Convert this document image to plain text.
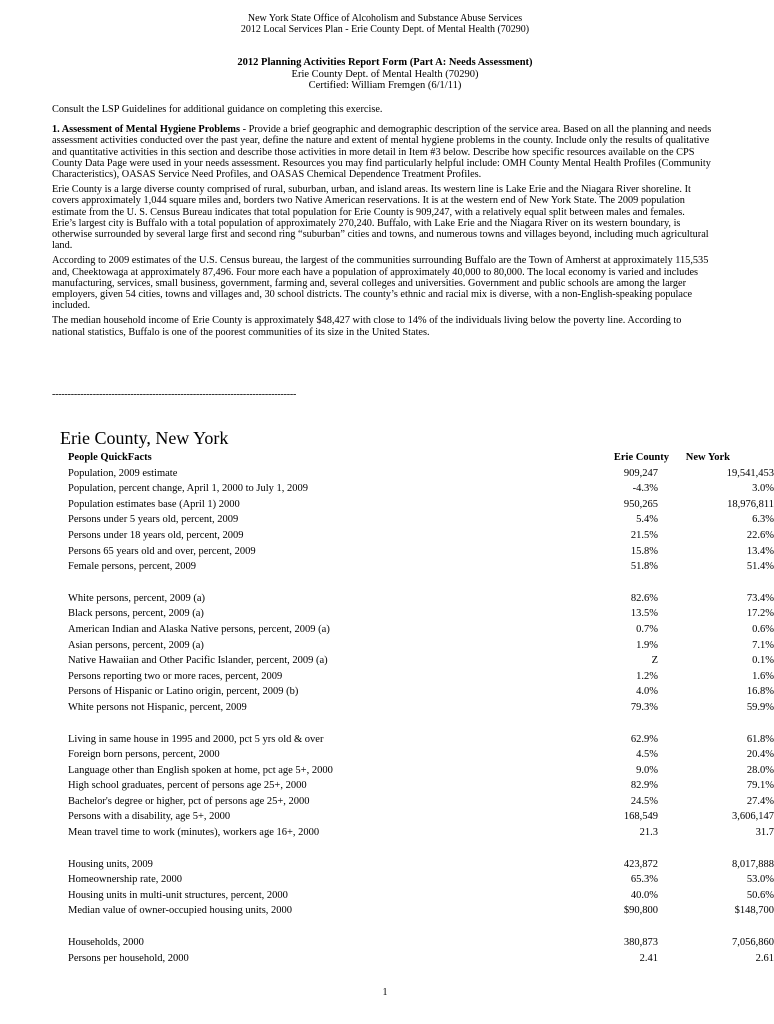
New York State Office of Alcoholism and Substance Abuse Services
2012 Local Services Plan - Erie County Dept. of Mental Health (70290)
2012 Planning Activities Report Form (Part A: Needs Assessment)
Erie County Dept. of Mental Health (70290)
Certified: William Fremgen (6/1/11)

Consult the LSP Guidelines for additional guidance on completing this exercise.

1. Assessment of Mental Hygiene Problems - Provide a brief geographic and demographic description of the service area. Based on all the planning and needs assessment activities conducted over the past year, define the nature and extent of mental hygiene problems in the county. Include only the results of qualitative and quantitative activities in this section and describe those activities in more detail in Item #3 below. Describe how specific resources available on the CPS County Data Page were used in your needs assessment. Resources you may find particularly helpful include: OMH County Mental Health Profiles (Community Characteristics), OASAS Service Need Profiles, and OASAS Chemical Dependence Treatment Profiles.

Erie County is a large diverse county comprised of rural, suburban, urban, and island areas. Its western line is Lake Erie and the Niagara River shoreline. It covers approximately 1,044 square miles and, borders two Native American reservations. It is at the western end of New York State. The 2009 population estimate from the U. S. Census Bureau indicates that total population for Erie County is 909,247, with a relatively equal split between males and females.

Erie’s largest city is Buffalo with a total population of approximately 270,240. Buffalo, with Lake Erie and the Niagara River on its western boundary, is otherwise surrounded by several large first and second ring “suburban” cities and towns, and numerous towns and villages beyond, including much agricultural land.

According to 2009 estimates of the U.S. Census bureau, the largest of the communities surrounding Buffalo are the Town of Amherst at approximately 115,535 and, Cheektowaga at approximately 87,496. Four more each have a population of approximately 40,000 to 80,000. The local economy is varied and includes manufacturing, services, small business, government, farming and, several colleges and universities. Government and public schools are among the larger employers, given 54 cities, towns and villages and, 30 school districts. The county’s ethnic and racial mix is diverse, with a non-English-speaking populace included.

The median household income of Erie County is approximately $48,427 with close to 14% of the individuals living below the poverty line. According to national statistics, Buffalo is one of the poorest communities of its size in the United States.

------------------------------------------------------------------------------
Erie County, New York
People QuickFacts	Erie County New York
Population, 2009 estimate	909,247	19,541,453
Population, percent change, April 1, 2000 to July 1, 2009	-4.3%	3.0%
Population estimates base (April 1) 2000	950,265	18,976,811
Persons under 5 years old, percent, 2009	5.4%	6.3%
Persons under 18 years old, percent, 2009	21.5%	22.6%
Persons 65 years old and over, percent, 2009	15.8%	13.4%
Female persons, percent, 2009	51.8%	51.4%
White persons, percent, 2009 (a)	82.6%	73.4%
Black persons, percent, 2009 (a)	13.5%	17.2%
American Indian and Alaska Native persons, percent, 2009 (a)	0.7%	0.6%
Asian persons, percent, 2009 (a)	1.9%	7.1%
Native Hawaiian and Other Pacific Islander, percent, 2009 (a)	Z	0.1%
Persons reporting two or more races, percent, 2009	1.2%	1.6%
Persons of Hispanic or Latino origin, percent, 2009 (b)	4.0%	16.8%
White persons not Hispanic, percent, 2009	79.3%	59.9%
Living in same house in 1995 and 2000, pct 5 yrs old & over	62.9%	61.8%
Foreign born persons, percent, 2000	4.5%	20.4%
Language other than English spoken at home, pct age 5+, 2000	9.0%	28.0%
High school graduates, percent of persons age 25+, 2000	82.9%	79.1%
Bachelor's degree or higher, pct of persons age 25+, 2000	24.5%	27.4%
Persons with a disability, age 5+, 2000	168,549	3,606,147
Mean travel time to work (minutes), workers age 16+, 2000	21.3	31.7
Housing units, 2009	423,872	8,017,888
Homeownership rate, 2000	65.3%	53.0%
Housing units in multi-unit structures, percent, 2000	40.0%	50.6%
Median value of owner-occupied housing units, 2000	$90,800	$148,700
Households, 2000	380,873	7,056,860
Persons per household, 2000	2.41	2.61
1
